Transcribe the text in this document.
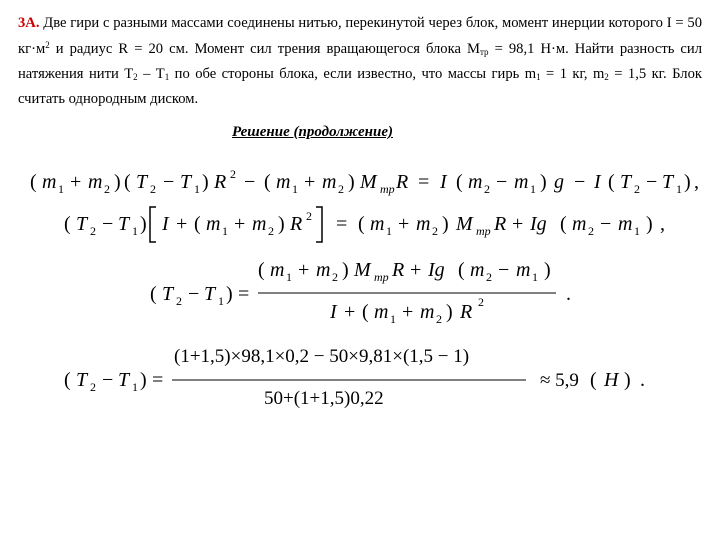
3А. Две гири с разными массами соединены нитью, перекинутой через блок, момент инерции которого I = 50 $кг\cdot м^2$ и радиус R = 20 см. Момент сил трения вращающегося блока $М_{тр} = 98,1$ Н·м. Найти разность сил натяжения нити $Т_2 - Т_1$ по обе стороны блока, если известно, что массы гирь $m_1 = 1$ кг, $m_2 = 1,5$ кг. Блок считать однородным диском.
Решение (продолжение)
( m 1 + m 2 ) ( T 2 − T 1 ) R 2 − ( m 1 + m 2 ) M тр R = I ( m 2 − m 1 ) g − I ( T 2 − T 1 ) ,
( T 2 − T 1 ) I + ( m 1 + m 2 ) R 2 = ( m 1 + m 2 ) M тр R + Ig ( m 2 − m 1 ) ,
( T 2 − T 1 ) =
( m 1 + m 2 ) M тр R + Ig ( m 2 − m 1 )
I + ( m 1 + m 2 ) R 2	.
( T 2 − T 1 ) =
(1+1,5)×98,1×0,2 − 50×9,81×(1,5 − 1)
50+(1+1,5)0,22
≈ 5,9 ( H ) .
